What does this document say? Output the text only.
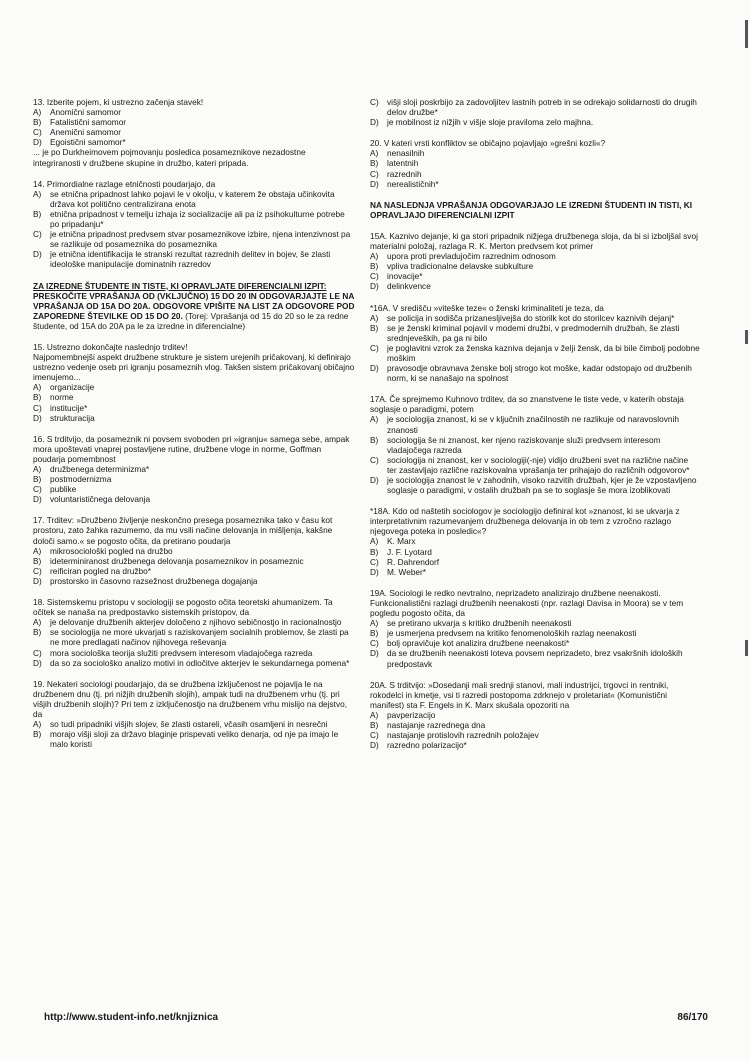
13. Izberite pojem, ki ustrezno začenja stavek!

A)	Anomični samomor
B)	Fatalistični samomor
C) Anemični samomor
D) Egoistični samomor*

... je po Durkheimovem pojmovanju posledica posameznikove nezadostne integriranosti v družbene skupine in družbo, kateri pripada.

14. Primordialne razlage etničnosti poudarjajo, da

A)	se etnična pripadnost lahko pojavi le v okolju, v katerem že obstaja učinkovita država kot politično centralizirana enota
B)	etnična pripadnost v temelju izhaja iz socializacije ali pa iz psihokulturne potrebe po pripadanju*
C) je etnična pripadnost predvsem stvar posameznikove izbire, njena intenzivnost pa se razlikuje od posameznika do posameznika
D) je etnična identifikacija le stranski rezultat razrednih delitev in bojev, še zlasti ideološke manipulacije dominatnih razredov
ZA IZREDNE ŠTUDENTE IN TISTE, KI OPRAVLJATE DIFERENCIALNI IZPIT: PRESKOČITE VPRAŠANJA OD (VKLJUČNO) 15 DO 20 IN ODGOVARJAJTE LE NA VPRAŠANJA OD 15A DO 20A. ODGOVORE VPIŠITE NA LIST ZA ODGOVORE POD ZAPOREDNE ŠTEVILKE OD 15 DO 20. (Torej: Vprašanja od 15 do 20 so le za redne študente, od 15A do 20A pa le za izredne in diferencialne)

15. Ustrezno dokončajte naslednjo trditev!

Najpomembnejši aspekt družbene strukture je sistem urejenih pričakovanj, ki definirajo ustrezno vedenje oseb pri igranju posameznih vlog. Takšen sistem pričakovanj običajno imenujemo...

A)	organizacije
B)	norme
C) institucije*
D) strukturacija

16. S trditvijo, da posameznik ni povsem svoboden pri »igranju« samega sebe, ampak mora upoštevati vnaprej postavljene rutine, družbene vloge in norme, Goffman poudarja pomembnost

A)	družbenega determinizma*
B)	postmodernizma
C) publike
D) voluntarističnega delovanja

17. Trditev: »Družbeno življenje neskončno presega posameznika tako v času kot prostoru, zato žahka razumemo, da mu vsili načine delovanja in mišljenja, kakšne določi samo.« se pogosto očita, da pretirano poudarja

A)	mikrosociološki pogled na družbo
B)	ideterminiranost družbenega delovanja posameznikov in posameznic
C) reificiran pogled na družbo*
D) prostorsko in časovno razsežnost družbenega dogajanja

18. Sistemskemu pristopu v sociologiji se pogosto očita teoretski ahumanizem. Ta očitek se nanaša na predpostavko sistemskih pristopov, da

A)	je delovanje družbenih akterjev določeno z njihovo sebičnostjo in racionalnostjo
B)	se sociologija ne more ukvarjati s raziskovanjem socialnih problemov, še zlasti pa ne more predlagati načinov njihovega reševanja
C) mora sociološka teorija služiti predvsem interesom vladajočega razreda
D) da so za sociološko analizo motivi in odločitve akterjev le sekundarnega pomena*

19. Nekateri sociologi poudarjajo, da se družbena izključenost ne pojavlja le na družbenem dnu (tj. pri nižjih družbenih slojih), ampak tudi na družbenem vrhu (tj. pri višjih družbenih slojih)? Pri tem z izključenostjo na družbenem vrhu mislijo na dejstvo, da

A)	so tudi pripadniki višjih slojev, še zlasti ostareli, včasih osamljeni in nesrečni
B)	morajo višji sloji za državo blaginje prispevati veliko denarja, od nje pa imajo le malo koristi
C) višji sloji poskrbijo za zadovoljitev lastnih potreb in se odrekajo solidarnosti do drugih delov družbe*
D) je mobilnost iz nižjih v višje sloje praviloma zelo majhna.

20. V kateri vrsti konfliktov se običajno pojavljajo »grešni kozli«?

A)	nenasilnih
B)	latentnih
C) razrednih
D) nerealističnih*
NA NASLEDNJA VPRAŠANJA ODGOVARJAJO LE IZREDNI ŠTUDENTI IN TISTI, KI OPRAVLJAJO DIFERENCIALNI IZPIT

15A. Kaznivo dejanje, ki ga stori pripadnik nižjega družbenega sloja, da bi si izboljšal svoj materialni položaj, razlaga R. K. Merton predvsem kot primer

A)	upora proti prevladujočim razrednim odnosom
B)	vpliva tradicionalne delavske subkulture
C) inovacije*
D) delinkvence

*16A. V središču »viteške teze« o ženski kriminaliteti je teza, da

A)	se policija in sodišča prizanesljivejša do storilk kot do storilcev kaznivih dejanj*
B)	se je ženski kriminal pojavil v modemi družbi, v predmodernih družbah, še zlasti srednjeveških, pa ga ni bilo
C) je poglavitni vzrok za ženska kazniva dejanja v želji žensk, da bi bile čimbolj podobne moškim
D) pravosodje obravnava ženske bolj strogo kot moške, kadar odstopajo od družbenih norm, ki se nanašajo na spolnost

17A. Če sprejmemo Kuhnovo trditev, da so znanstvene le tiste vede, v katerih obstaja soglasje o paradigmi, potem

A)	je sociologija znanost, ki se v ključnih značilnostih ne razlikuje od naravoslovnih znanosti
B)	sociologija še ni znanost, ker njeno raziskovanje služi predvsem interesom vladajočega razreda
C) sociologija ni znanost, ker v sociologiji(-nje) vidijo družbeni svet na različne načine ter zastavljajo različne raziskovalna vprašanja ter prihajajo do različnih odgovorov*
D) je sociologija znanost le v zahodnih, visoko razvitih družbah, kjer je že vzpostavljeno soglasje o paradigmi, v ostalih družbah pa se to soglasje še mora izoblikovati

*18A. Kdo od naštetih sociologov je sociologijo definiral kot »znanost, ki se ukvarja z interpretativnim razumevanjem družbenega delovanja in ob tem z vzročno razlago njegovega poteka in posledic«?

A)	K. Marx
B)	J. F. Lyotard
C) R. Dahrendorf
D) M. Weber*

19A. Sociologi le redko nevtralno, neprizadeto analizirajo družbene neenakosti. Funkcionalistični razlagi družbenih neenakosti (npr. razlagi Davisa in Moora) se v tem pogledu pogosto očita, da

A)	se pretirano ukvarja s kritiko družbenih neenakosti
B)	je usmerjena predvsem na kritiko fenomenoloških razlag neenakosti
C) bolj opravičuje kot analizira družbene neenakosti*
D) da se družbenih neenakosti loteva povsem neprizadeto, brez vsakršnih idoloških predpostavk

20A. S trditvijo: »Dosedanji mali srednji stanovi, mali industrijci, trgovci in rentniki, rokodelci in kmetje, vsi ti razredi postopoma zdrknejo v proletariat« (Komunistični manifest) sta F. Engels in K. Marx skušala opozoriti na

A)	pavperizacijo
B)	nastajanje razrednega dna
C) nastajanje protislovih razrednih položajev
D) razredno polarizacijo*
http://www.student-info.net/knjiznica	86/170
